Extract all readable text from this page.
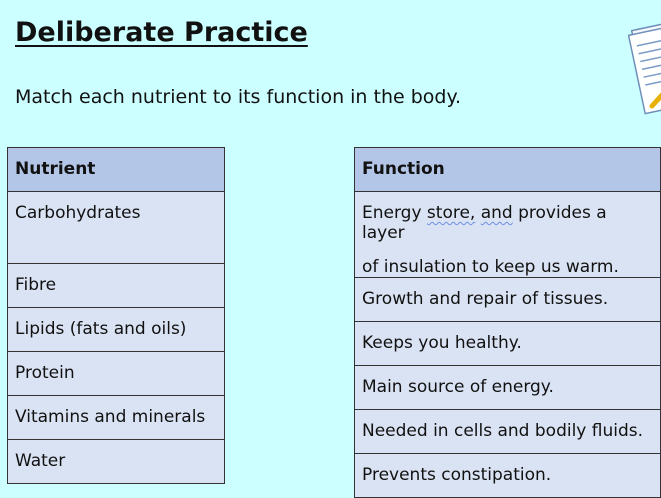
Deliberate Practice
Match each nutrient to its function in the body.
Nutrient
Carbohydrates
Fibre
Lipids (fats and oils)
Protein
Vitamins and minerals
Water
Function

Energy store, and provides a layer
of insulation to keep us warm.

Growth and repair of tissues.
Keeps you healthy.
Main source of energy.
Needed in cells and bodily fluids.
Prevents constipation.
